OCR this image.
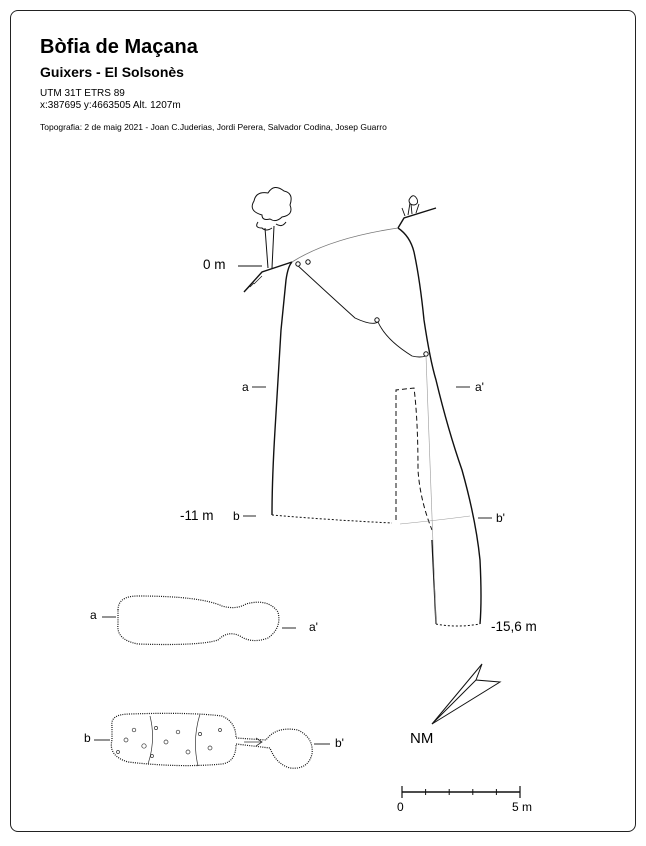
Bòfia de Maçana
Guixers - El Solsonès
UTM 31T ETRS 89
x:387695 y:4663505 Alt. 1207m
Topografia: 2 de maig 2021 - Joan C.Juderias, Jordi Perera, Salvador Codina, Josep Guarro
0 m
a	a'
-11 m b	b'
-15,6 m
a
a'
b	b'	NM
0	5 m
